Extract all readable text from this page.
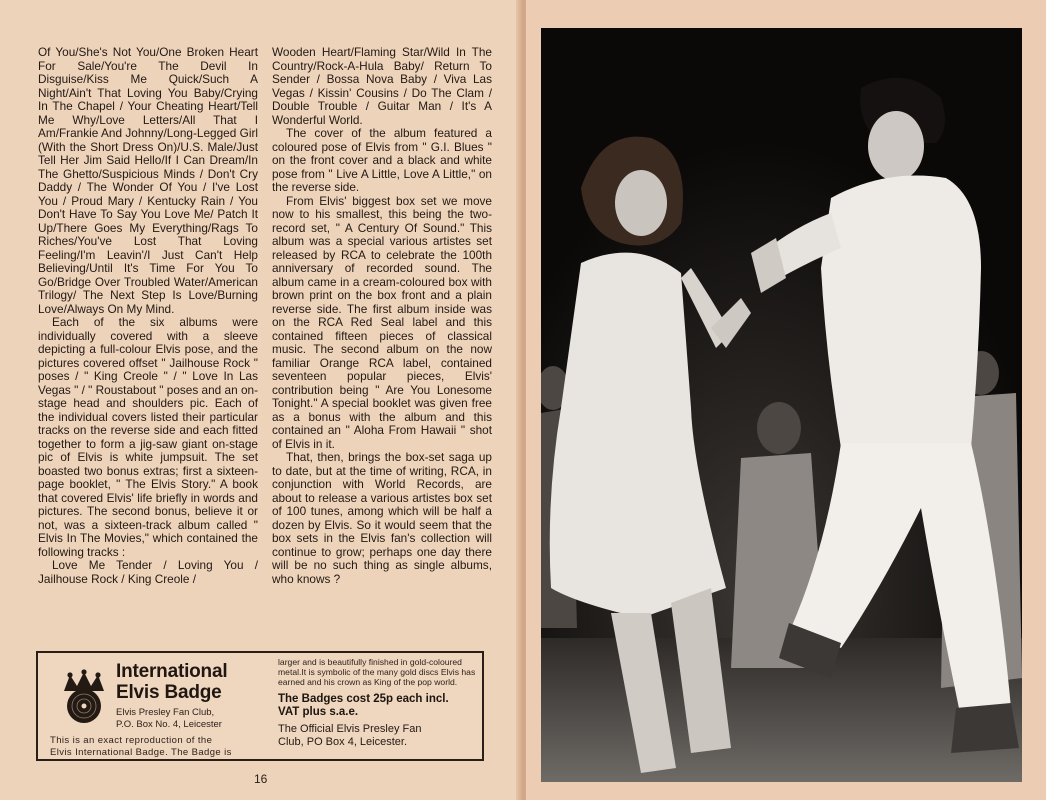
Of You/She's Not You/One Broken Heart For Sale/You're The Devil In Disguise/Kiss Me Quick/Such A Night/Ain't That Loving You Baby/Crying In The Chapel / Your Cheating Heart/Tell Me Why/Love Letters/All That I Am/Frankie And Johnny/Long-Legged Girl (With the Short Dress On)/U.S. Male/Just Tell Her Jim Said Hello/If I Can Dream/In The Ghetto/Suspicious Minds / Don't Cry Daddy / The Wonder Of You / I've Lost You / Proud Mary / Kentucky Rain / You Don't Have To Say You Love Me/ Patch It Up/There Goes My Everything/Rags To Riches/You've Lost That Loving Feeling/I'm Leavin'/I Just Can't Help Believing/Until It's Time For You To Go/Bridge Over Troubled Water/American Trilogy/ The Next Step Is Love/Burning Love/Always On My Mind.

Each of the six albums were individually covered with a sleeve depicting a full-colour Elvis pose, and the pictures covered offset " Jailhouse Rock " poses / " King Creole " / " Love In Las Vegas " / " Roustabout " poses and an on-stage head and shoulders pic. Each of the individual covers listed their particular tracks on the reverse side and each fitted together to form a jig-saw giant on-stage pic of Elvis is white jumpsuit. The set boasted two bonus extras; first a sixteen-page booklet, " The Elvis Story." A book that covered Elvis' life briefly in words and pictures. The second bonus, believe it or not, was a sixteen-track album called " Elvis In The Movies," which contained the following tracks :

Love Me Tender / Loving You / Jailhouse Rock / King Creole /

Wooden Heart/Flaming Star/Wild In The Country/Rock-A-Hula Baby/ Return To Sender / Bossa Nova Baby / Viva Las Vegas / Kissin' Cousins / Do The Clam / Double Trouble / Guitar Man / It's A Wonderful World.

The cover of the album featured a coloured pose of Elvis from " G.I. Blues " on the front cover and a black and white pose from " Live A Little, Love A Little," on the reverse side.

From Elvis' biggest box set we move now to his smallest, this being the two-record set, " A Century Of Sound." This album was a special various artistes set released by RCA to celebrate the 100th anniversary of recorded sound. The album came in a cream-coloured box with brown print on the box front and a plain reverse side. The first album inside was on the RCA Red Seal label and this contained fifteen pieces of classical music. The second album on the now familiar Orange RCA label, contained seventeen popular pieces, Elvis' contribution being " Are You Lonesome Tonight." A special booklet was given free as a bonus with the album and this contained an " Aloha From Hawaii " shot of Elvis in it.

That, then, brings the box-set saga up to date, but at the time of writing, RCA, in conjunction with World Records, are about to release a various artistes box set of 100 tunes, among which will be half a dozen by Elvis. So it would seem that the box sets in the Elvis fan's collection will continue to grow; perhaps one day there will be no such thing as single albums, who knows ?

International
Elvis Badge
Elvis Presley Fan Club,
P.O. Box No. 4, Leicester
This is an exact reproduction of the
Elvis International Badge. The Badge is

larger and is beautifully finished in gold-coloured metal.It is symbolic of the many gold discs Elvis has earned and his crown as King of the pop world.

The Badges cost 25p each incl.
VAT plus s.a.e.
The Official Elvis Presley Fan
Club, PO Box 4, Leicester.
16
